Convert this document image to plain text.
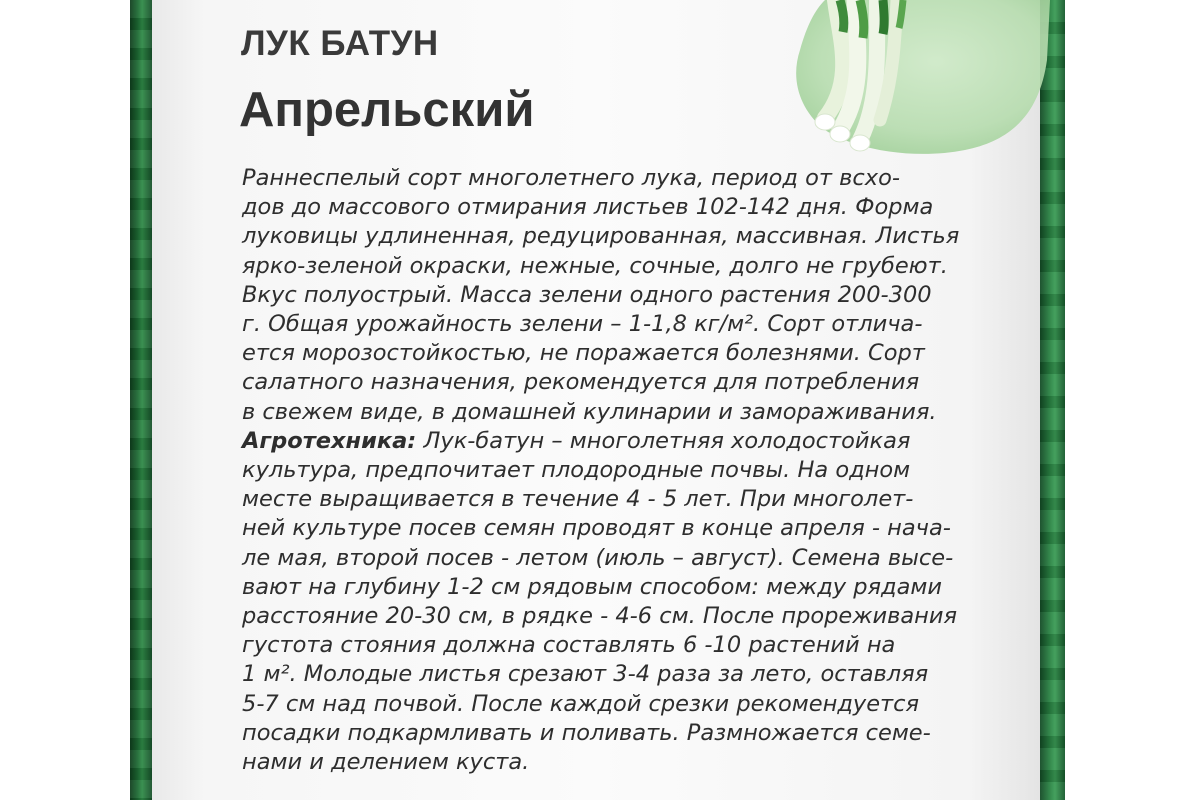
ЛУК БАТУН
Апрельский
Раннеспелый сорт многолетнего лука, период от всхо-
дов до массового отмирания листьев 102-142 дня. Форма
луковицы удлиненная, редуцированная, массивная. Листья
ярко-зеленой окраски, нежные, сочные, долго не грубеют.
Вкус полуострый. Масса зелени одного растения 200-300
г. Общая урожайность зелени – 1-1,8 кг/м². Сорт отлича-
ется морозостойкостью, не поражается болезнями. Сорт
салатного назначения, рекомендуется для потребления
в свежем виде, в домашней кулинарии и замораживания.
Агротехника: Лук-батун – многолетняя холодостойкая
культура, предпочитает плодородные почвы. На одном
месте выращивается в течение 4 - 5 лет. При многолет-
ней культуре посев семян проводят в конце апреля - нача-
ле мая, второй посев - летом (июль – август). Семена высе-
вают на глубину 1-2 см рядовым способом: между рядами
расстояние 20-30 см, в рядке - 4-6 см. После прореживания
густота стояния должна составлять 6 -10 растений на
1 м². Молодые листья срезают 3-4 раза за лето, оставляя
5-7 см над почвой. После каждой срезки рекомендуется
посадки подкармливать и поливать. Размножается семе-
нами и делением куста.
